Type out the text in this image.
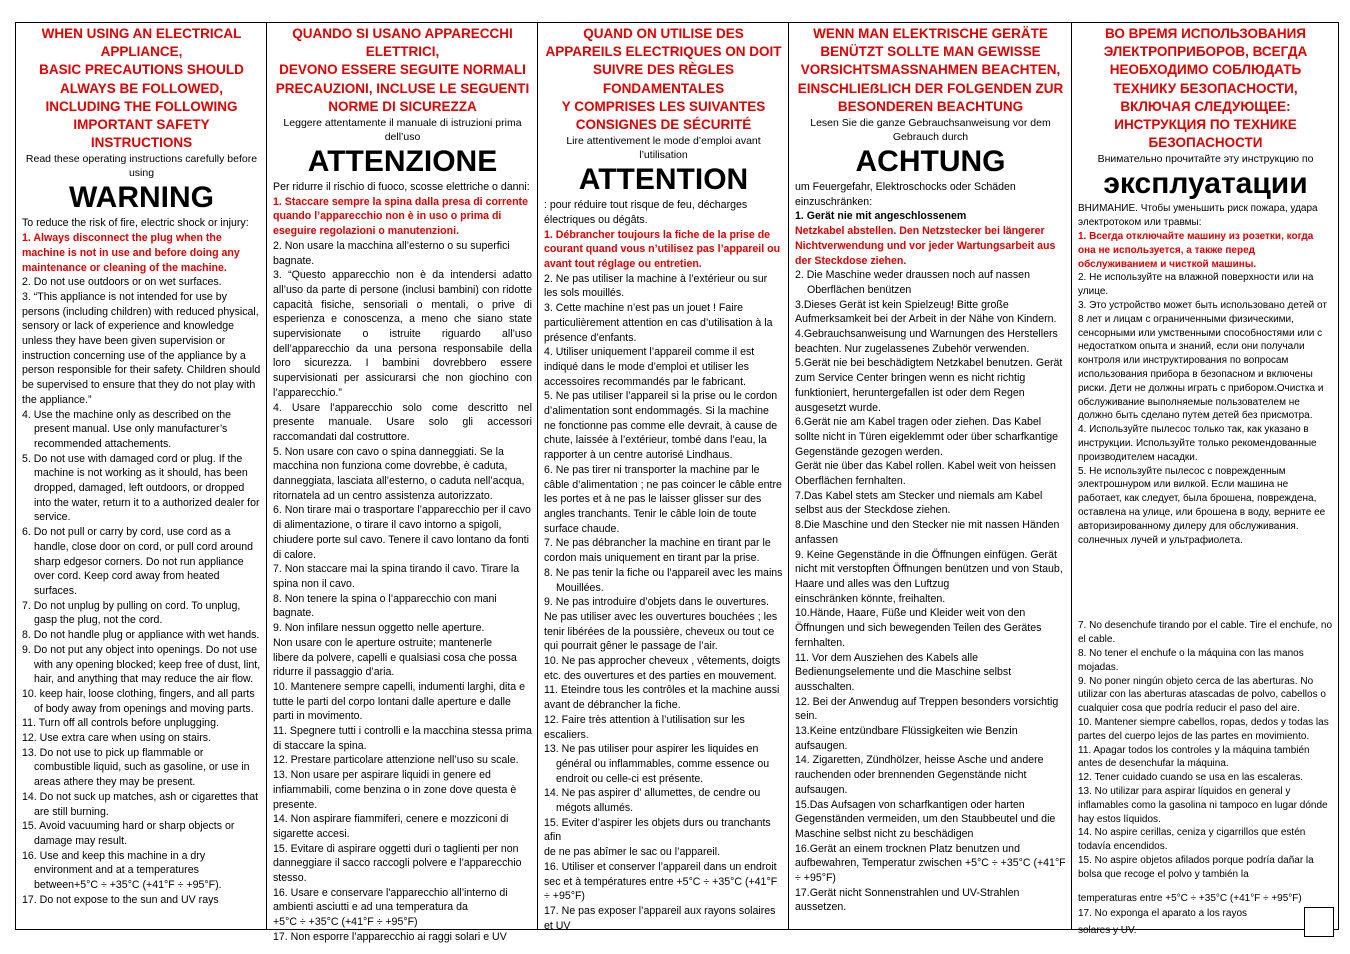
WHEN USING AN ELECTRICAL APPLIANCE,
BASIC PRECAUTIONS SHOULD ALWAYS BE FOLLOWED, INCLUDING THE FOLLOWING
IMPORTANT SAFETY INSTRUCTIONS
Read these operating instructions carefully before using
WARNING
To reduce the risk of fire, electric shock or injury:
1. Always disconnect the plug when the machine is not in use and before doing any maintenance or cleaning of the machine.
2. Do not use outdoors or on wet surfaces.
3. “This appliance is not intended for use by persons (including children) with reduced physical, sensory or lack of experience and knowledge unless they have been given supervision or instruction concerning use of the appliance by a person responsible for their safety. Children should be supervised to ensure that they do not play with the appliance.”
4. Use the machine only as described on the present manual. Use only manufacturer’s recommended attachements.
5. Do not use with damaged cord or plug. If the machine is not working as it should, has been dropped, damaged, left outdoors, or dropped into the water, return it to a authorized dealer for service.
6. Do not pull or carry by cord, use cord as a handle, close door on cord, or pull cord around sharp edgesor corners. Do not run appliance over cord. Keep cord away from heated surfaces.
7. Do not unplug by pulling on cord. To unplug, gasp the plug, not the cord.
8. Do not handle plug or appliance with wet hands.
9. Do not put any object into openings. Do not use with any opening blocked; keep free of dust, lint, hair, and anything that may reduce the air flow.
10. keep hair, loose clothing, fingers, and all parts of body away from openings and moving parts.
11. Turn off all controls before unplugging.
12. Use extra care when using on stairs.
13. Do not use to pick up flammable or combustible liquid, such as gasoline, or use in areas athere they may be present.
14. Do not suck up matches, ash or cigarettes that are still burning.
15. Avoid vacuuming hard or sharp objects or damage may result.
16. Use and keep this machine in a dry environment and at a temperatures between+5°C ÷ +35°C (+41°F ÷ +95°F).
17. Do not expose to the sun and UV rays
QUANDO SI USANO APPARECCHI ELETTRICI,
DEVONO ESSERE SEGUITE NORMALI PRECAUZIONI, INCLUSE LE SEGUENTI NORME DI SICUREZZA
Leggere attentamente il manuale di istruzioni prima dell’uso
ATTENZIONE
Per ridurre il rischio di fuoco, scosse elettriche o danni:
1. Staccare sempre la spina dalla presa di corrente quando l’apparecchio non è in uso o prima di eseguire regolazioni o manutenzioni.
2. Non usare la macchina all’esterno o su superfici bagnate.
3. “Questo apparecchio non è da intendersi adatto all’uso da parte di persone (inclusi bambini) con ridotte capacità fisiche, sensoriali o mentali, o prive di esperienza e conoscenza, a meno che siano state supervisionate o istruite riguardo all’uso dell’apparecchio da una persona responsabile della loro sicurezza. I bambini dovrebbero essere supervisionati per assicurarsi che non giochino con l’apparecchio.”
4. Usare l’apparecchio solo come descritto nel presente manuale. Usare solo gli accessori raccomandati dal costruttore.
5. Non usare con cavo o spina danneggiati. Se la macchina non funziona come dovrebbe, è caduta, danneggiata, lasciata all’esterno, o caduta nell’acqua, ritornatela ad un centro assistenza autorizzato.
6. Non tirare mai o trasportare l’apparecchio per il cavo di alimentazione, o tirare il cavo intorno a spigoli, chiudere porte sul cavo. Tenere il cavo lontano da fonti di calore.
7. Non staccare mai la spina tirando il cavo. Tirare la spina non il cavo.
8. Non tenere la spina o l’apparecchio con mani bagnate.
9. Non infilare nessun oggetto nelle aperture.
Non usare con le aperture ostruite; mantenerle
libere da polvere, capelli e qualsiasi cosa che possa ridurre il passaggio d’aria.
10. Mantenere sempre capelli, indumenti larghi, dita e tutte le parti del corpo lontani dalle aperture e dalle parti in movimento.
11. Spegnere tutti i controlli e la macchina stessa prima di staccare la spina.
12. Prestare particolare attenzione nell’uso su scale.
13. Non usare per aspirare liquidi in genere ed infiammabili, come benzina o in zone dove questa è presente.
14. Non aspirare fiammiferi, cenere e mozziconi di sigarette accesi.
15. Evitare di aspirare oggetti duri o taglienti per non danneggiare il sacco raccogli polvere e l’apparecchio stesso.
16. Usare e conservare l'apparecchio all’interno di ambienti asciutti e ad una temperatura da
+5°C ÷ +35°C (+41°F ÷ +95°F)
17. Non esporre l’apparecchio ai raggi solari e UV
QUAND ON UTILISE DES APPAREILS ELECTRIQUES ON DOIT SUIVRE DES RÈGLES FONDAMENTALES
Y COMPRISES LES SUIVANTES CONSIGNES DE SÉCURITÉ
Lire attentivement le mode d’emploi avant l’utilisation
ATTENTION
: pour réduire tout risque de feu, décharges électriques ou dégâts.
1. Débrancher toujours la fiche de la prise de courant quand vous n’utilisez pas l’appareil ou avant tout réglage ou entretien.
2. Ne pas utiliser la machine à l’extérieur ou sur les sols mouillés.
3. Cette machine n’est pas un jouet ! Faire particulièrement attention en cas d’utilisation à la présence d’enfants.
4. Utiliser uniquement l’appareil comme il est indiqué dans le mode d’emploi et utiliser les accessoires recommandés par le fabricant.
5. Ne pas utiliser l’appareil si la prise ou le cordon d’alimentation sont endommagés. Si la machine ne fonctionne pas comme elle devrait, à cause de chute, laissée à l’extérieur, tombé dans l’eau, la rapporter à un centre autorisé Lindhaus.
6. Ne pas tirer ni transporter la machine par le câble d’alimentation ; ne pas coincer le câble entre les portes et à ne pas le laisser glisser sur des angles tranchants. Tenir le câble loin de toute surface chaude.
7. Ne pas débrancher la machine en tirant par le cordon mais uniquement en tirant par la prise.
8. Ne pas tenir la fiche ou l’appareil avec les mains Mouillées.
9. Ne pas introduire d’objets dans le ouvertures. Ne pas utiliser avec les ouvertures bouchées ; les tenir libérées de la poussière, cheveux ou tout ce qui pourrait gêner le passage de l’air.
10. Ne pas approcher cheveux , vêtements, doigts etc. des ouvertures et des parties en mouvement.
11. Eteindre tous les contrôles et la machine aussi avant de débrancher la fiche.
12. Faire très attention à l’utilisation sur les escaliers.
13. Ne pas utiliser pour aspirer les liquides en général ou inflammables, comme essence ou endroit ou celle-ci est présente.
14. Ne pas aspirer d’ allumettes, de cendre ou mégots allumés.
15. Eviter d’aspirer les objets durs ou tranchants afin
de ne pas abîmer le sac ou l’appareil.
16. Utiliser et conserver l’appareil dans un endroit sec et à températures entre +5°C ÷ +35°C (+41°F ÷ +95°F)
17. Ne pas exposer l’appareil aux rayons solaires et UV
WENN MAN ELEKTRISCHE GERÄTE BENÜTZT SOLLTE MAN GEWISSE VORSICHTSMASSNAHMEN BEACHTEN, EINSCHLIEẞLICH DER FOLGENDEN ZUR BESONDEREN BEACHTUNG
Lesen Sie die ganze Gebrauchsanweisung vor dem Gebrauch durch
ACHTUNG
um Feuergefahr, Elektroschocks oder Schäden einzuschränken:
1. Gerät nie mit angeschlossenem
Netzkabel abstellen. Den Netzstecker bei längerer Nichtverwendung und vor jeder Wartungsarbeit aus der Steckdose ziehen.
2. Die Maschine weder draussen noch auf nassen Oberflächen benützen
3.Dieses Gerät ist kein Spielzeug! Bitte große Aufmerksamkeit bei der Arbeit in der Nähe von Kindern.
4.Gebrauchsanweisung und Warnungen des Herstellers beachten. Nur zugelassenes Zubehör verwenden.
5.Gerät nie bei beschädigtem Netzkabel benutzen. Gerät zum Service Center bringen wenn es nicht richtig funktioniert, heruntergefallen ist oder dem Regen ausgesetzt wurde.
6.Gerät nie am Kabel tragen oder ziehen. Das Kabel sollte nicht in Türen eigeklemmt oder über scharfkantige Gegenstände gezogen werden.
Gerät nie über das Kabel rollen. Kabel weit von heissen Oberflächen fernhalten.
7.Das Kabel stets am Stecker und niemals am Kabel selbst aus der Steckdose ziehen.
8.Die Maschine und den Stecker nie mit nassen Händen anfassen
9. Keine Gegenstände in die Öffnungen einfügen. Gerät nicht mit verstopften Öffnungen benützen und von Staub, Haare und alles was den Luftzug
einschränken könnte, freihalten.
10.Hände, Haare, Füße und Kleider weit von den Öffnungen und sich bewegenden Teilen des Gerätes fernhalten.
11. Vor dem Ausziehen des Kabels alle Bedienungselemente und die Maschine selbst ausschalten.
12. Bei der Anwendug auf Treppen besonders vorsichtig sein.
13.Keine entzündbare Flüssigkeiten wie Benzin aufsaugen.
14. Zigaretten, Zündhölzer, heisse Asche und andere rauchenden oder brennenden Gegenstände nicht aufsaugen.
15.Das Aufsagen von scharfkantigen oder harten Gegenständen vermeiden, um den Staubbeutel und die Maschine selbst nicht zu beschädigen
16.Gerät an einem trocknen Platz benutzen und aufbewahren, Temperatur zwischen +5°C ÷ +35°C (+41°F ÷ +95°F)
17.Gerät nicht Sonnenstrahlen und UV-Strahlen aussetzen.
ВО ВРЕМЯ ИСПОЛЬЗОВАНИЯ ЭЛЕКТРОПРИБОРОВ, ВСЕГДА НЕОБХОДИМО СОБЛЮДАТЬ ТЕХНИКУ БЕЗОПАСНОСТИ, ВКЛЮЧАЯ СЛЕДУЮЩЕЕ:
ИНСТРУКЦИЯ ПО ТЕХНИКЕ БЕЗОПАСНОСТИ
Внимательно прочитайте эту инструкцию по
эксплуатации
ВНИМАНИЕ. Чтобы уменьшить риск пожара, удара электротоком или травмы:
1. Всегда отключайте машину из розетки, когда она не используется, а также перед обслуживанием и чисткой машины.
2. Не используйте на влажной поверхности или на улице.
3. Это устройство может быть использовано детей от 8 лет и лицам с ограниченными физическими, сенсорными или умственными способностями или с недостатком опыта и знаний, если они получали контроля или инструктирования по вопросам использования прибора в безопасном и включены риски. Дети не должны играть с прибором.Очистка и обслуживание выполняемые пользователем не должно быть сделано путем детей без присмотра.
4. Используйте пылесос только так, как указано в инструкции. Используйте только рекомендованные производителем насадки.
5. Не используйте пылесос с поврежденным электрошнуром или вилкой. Если машина не работает, как следует, была брошена, повреждена, оставлена на улице, или брошена в воду, верните ее авторизированному дилеру для обслуживания.
солнечных лучей и ультрафиолета.
7. No desenchufe tirando por el cable. Tire el enchufe, no el cable.
8. No tener el enchufe o la máquina con las manos mojadas.
9. No poner ningún objeto cerca de las aberturas. No utilizar con las aberturas atascadas de polvo, cabellos o cualquier cosa que podría reducir el paso del aire.
10. Mantener siempre cabellos, ropas, dedos y todas las partes del cuerpo lejos de las partes en movimiento.
11. Apagar todos los controles y la máquina también antes de desenchufar la máquina.
12. Tener cuidado cuando se usa en las escaleras.
13. No utilizar para aspirar líquidos en general y inflamables como la gasolina ni tampoco en lugar dónde hay estos líquidos.
14. No aspire cerillas, ceniza y cigarrillos que estén todavía encendidos.
15. No aspire objetos afilados porque podría dañar la bolsa que recoge el polvo y también la
temperaturas entre +5°C ÷ +35°C (+41°F ÷ +95°F)
17. No exponga el aparato a los rayos
solares y UV.
